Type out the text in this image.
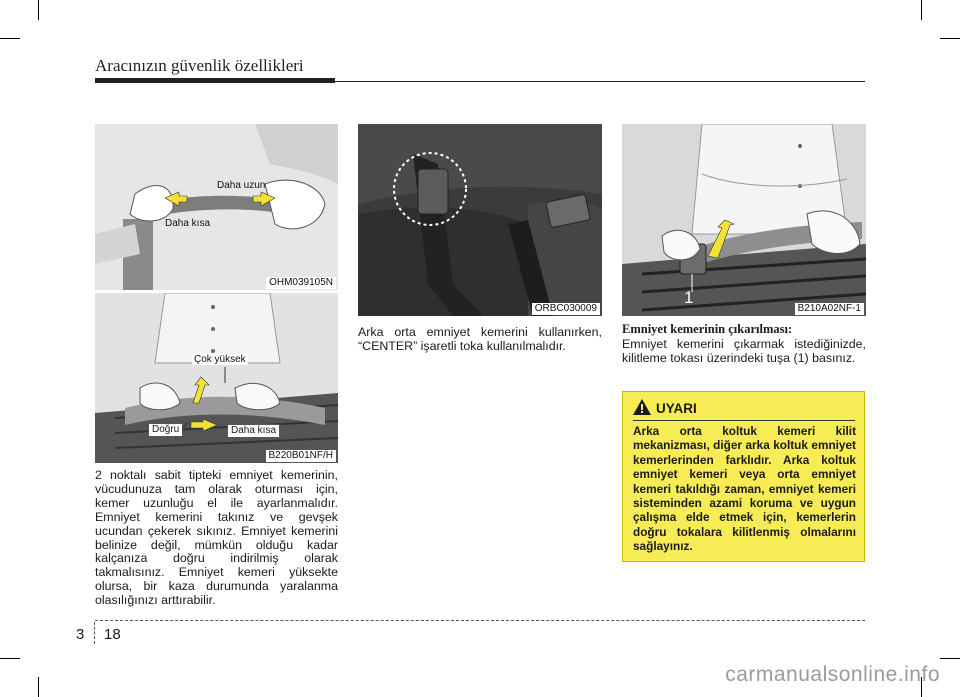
Aracınızın güvenlik özellikleri
Daha uzun
Daha kısa
OHM039105N
Çok yüksek
Doğru	Daha kısa
B220B01NF/H
ORBC030009
1
B210A02NF-1
2 noktalı sabit tipteki emniyet kemerinin, vücudunuza tam olarak oturması için, kemer uzunluğu el ile ayarlanmalıdır. Emniyet kemerini takınız ve gevşek ucundan çekerek sıkınız. Emniyet kemerini belinize değil, mümkün olduğu kadar kalçanıza doğru indirilmiş olarak takmalısınız. Emniyet kemeri yüksekte olursa, bir kaza durumunda yaralanma olasılığınızı arttırabilir.
Arka orta emniyet kemerini kullanırken, “CENTER” işaretli toka kullanılmalıdır.
Emniyet kemerinin çıkarılması:
Emniyet kemerini çıkarmak istediğinizde, kilitleme tokası üzerindeki tuşa (1) basınız.
UYARI
Arka orta koltuk kemeri kilit mekanizması, diğer arka koltuk emniyet kemerlerinden farklıdır. Arka koltuk emniyet kemeri veya orta emniyet kemeri takıldığı zaman, emniyet kemeri sisteminden azami koruma ve uygun çalışma elde etmek için, kemerlerin doğru tokalara kilitlenmiş olmalarını sağlayınız.
3 18
carmanualsonline.info
